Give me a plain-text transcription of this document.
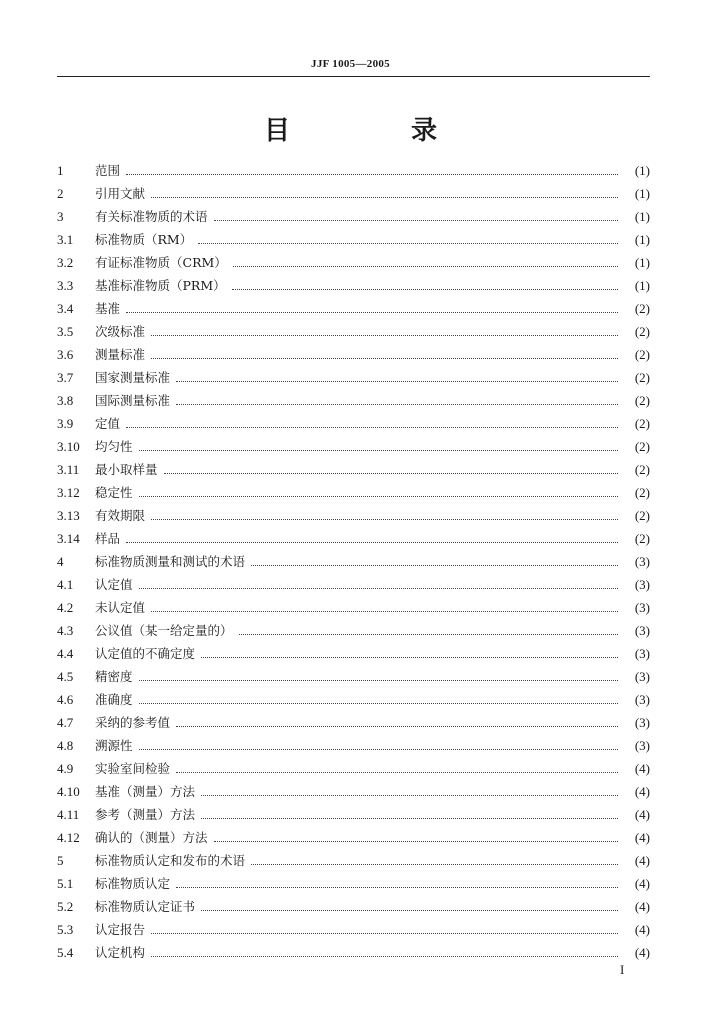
JJF 1005—2005
目 录
1	范围	(1)
2	引用文献	(1)
3	有关标准物质的术语	(1)
3.1	标准物质（RM）	(1)
3.2	有证标准物质（CRM）	(1)
3.3	基准标准物质（PRM）	(1)
3.4	基准	(2)
3.5	次级标准	(2)
3.6	测量标准	(2)
3.7	国家测量标准	(2)
3.8	国际测量标准	(2)
3.9	定值	(2)
3.10	均匀性	(2)
3.11	最小取样量	(2)
3.12	稳定性	(2)
3.13	有效期限	(2)
3.14	样品	(2)
4	标准物质测量和测试的术语	(3)
4.1	认定值	(3)
4.2	未认定值	(3)
4.3	公议值（某一给定量的）	(3)
4.4	认定值的不确定度	(3)
4.5	精密度	(3)
4.6	准确度	(3)
4.7	采纳的参考值	(3)
4.8	溯源性	(3)
4.9	实验室间检验	(4)
4.10	基准（测量）方法	(4)
4.11	参考（测量）方法	(4)
4.12	确认的（测量）方法	(4)
5	标准物质认定和发布的术语	(4)
5.1	标准物质认定	(4)
5.2	标准物质认定证书	(4)
5.3	认定报告	(4)
5.4	认定机构	(4)
I
